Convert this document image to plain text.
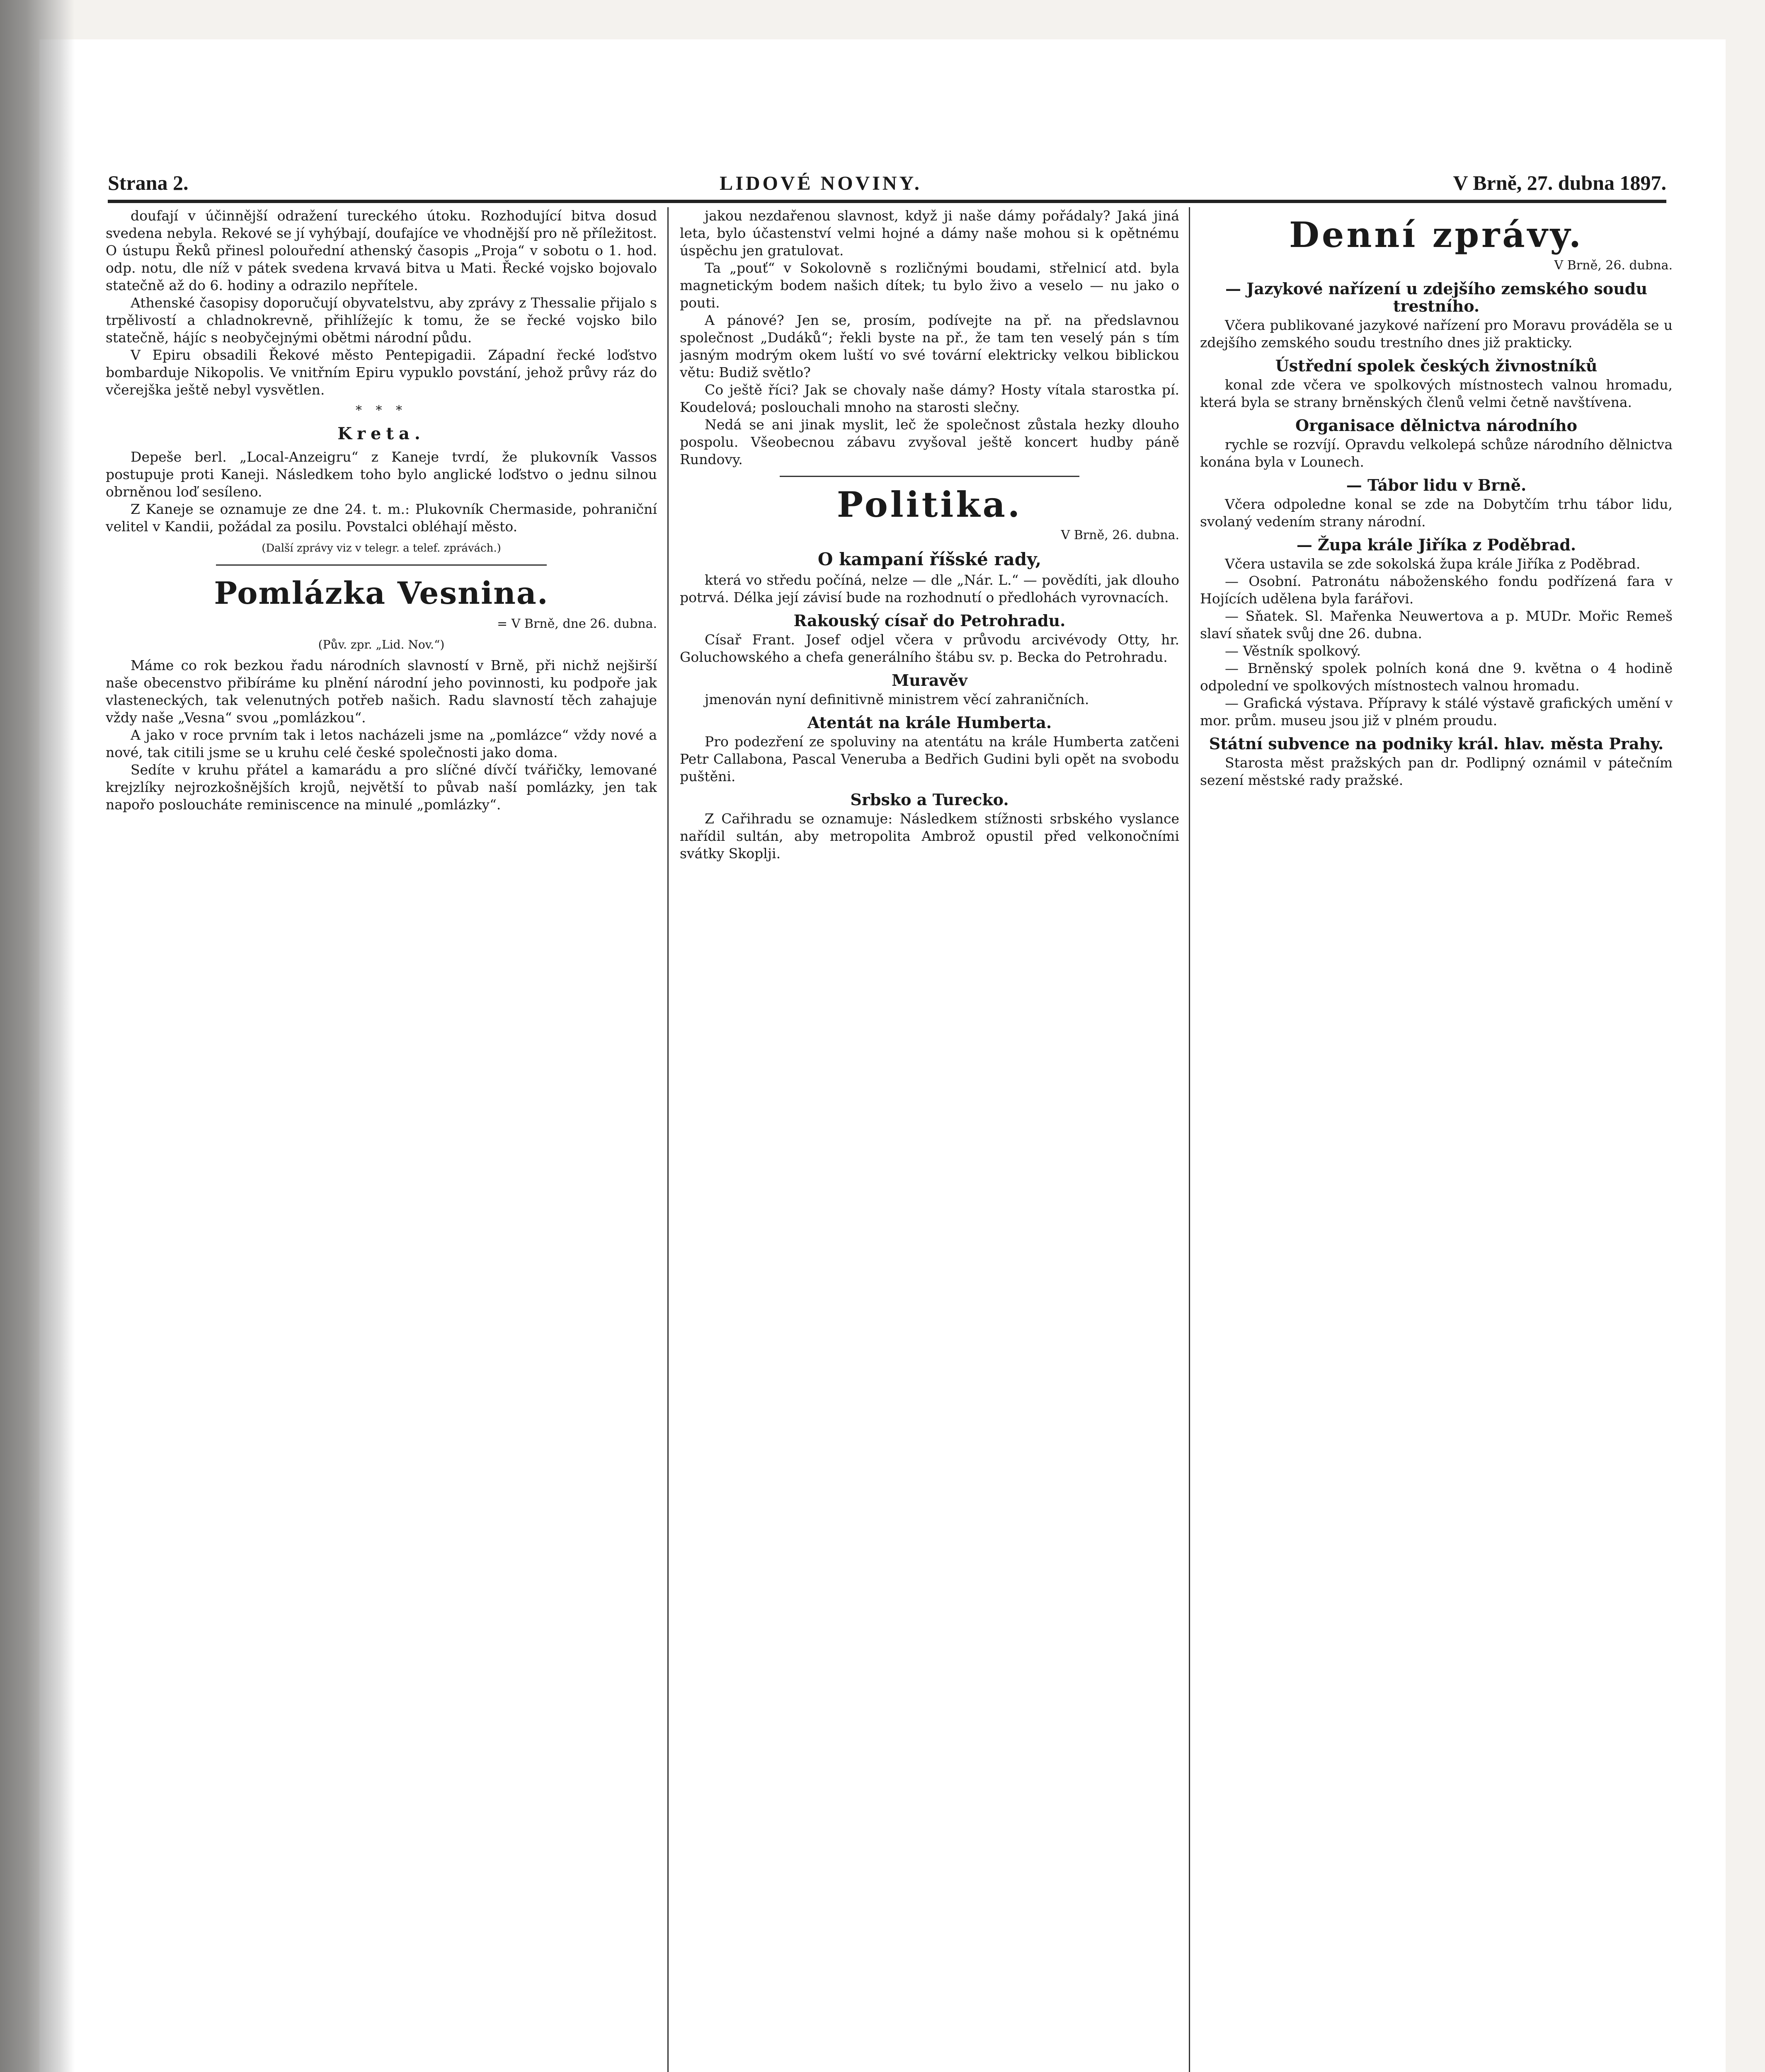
Strana 2.	LIDOVÉ NOVINY.	V Brně, 27. dubna 1897.

doufají v účinnější odražení tureckého útoku. Rozhodující bitva dosud svedena nebyla. Rekové se jí vyhýbají, doufajíce ve vhodnější pro ně příležitost. O ústupu Řeků přinesl polouřední athenský časopis „Proja“ v sobotu o 1. hod. odp. notu, dle níž v pátek svedena krvavá bitva u Mati. Řecké vojsko bojovalo statečně až do 6. hodiny a odrazilo nepřítele.

Athenské časopisy doporučují obyvatelstvu, aby zprávy z Thessalie přijalo s trpělivostí a chladnokrevně, přihlížejíc k tomu, že se řecké vojsko bilo statečně, hájíc s neobyčejnými obětmi národní půdu.

V Epiru obsadili Řekové město Pentepigadii. Západní řecké loďstvo bombarduje Nikopolis. Ve vnitřním Epiru vypuklo povstání, jehož průvy ráz do včerejška ještě nebyl vysvětlen.

* * *
Kreta.

Depeše berl. „Local-Anzeigru“ z Kaneje tvrdí, že plukovník Vassos postupuje proti Kaneji. Následkem toho bylo anglické loďstvo o jednu silnou obrněnou loď sesíleno.

Z Kaneje se oznamuje ze dne 24. t. m.: Plukovník Chermaside, pohraniční velitel v Kandii, požádal za posilu. Povstalci obléhají město.

(Další zprávy viz v telegr. a telef. zprávách.)
Pomlázka Vesnina.
= V Brně, dne 26. dubna.
(Pův. zpr. „Lid. Nov.“)

Máme co rok bezkou řadu národních slavností v Brně, při nichž nejširší naše obecenstvo přibíráme ku plnění národní jeho povinnosti, ku podpoře jak vlasteneckých, tak velenutných potřeb našich. Radu slavností těch zahajuje vždy naše „Vesna“ svou „pomlázkou“.

A jako v roce prvním tak i letos nacházeli jsme na „pomlázce“ vždy nové a nové, tak citili jsme se u kruhu celé české společnosti jako doma.

Sedíte v kruhu přátel a kamarádu a pro slíčné dívčí tvářičky, lemované krejzlíky nejrozkošnějších krojů, největší to půvab naší pomlázky, jen tak napořo posloucháte reminiscence na minulé „pomlázky“.

jakou nezdařenou slavnost, když ji naše dámy pořádaly? Jaká jiná leta, bylo účastenství velmi hojné a dámy naše mohou si k opětnému úspěchu jen gratulovat.

Ta „pouť“ v Sokolovně s rozličnými boudami, střelnicí atd. byla magnetickým bodem našich dítek; tu bylo živo a veselo — nu jako o pouti.

A pánové? Jen se, prosím, podívejte na př. na předslavnou společnost „Dudáků“; řekli byste na př., že tam ten veselý pán s tím jasným modrým okem luští vo své tovární elektricky velkou biblickou větu: Budiž světlo?

Co ještě říci? Jak se chovaly naše dámy? Hosty vítala starostka pí. Koudelová; poslouchali mnoho na starosti slečny.

Nedá se ani jinak myslit, leč že společnost zůstala hezky dlouho pospolu. Všeobecnou zábavu zvyšoval ještě koncert hudby páně Rundovy.

Politika.
V Brně, 26. dubna.
O kampaní říšské rady,

která vo středu počíná, nelze — dle „Nár. L.“ — povědíti, jak dlouho potrvá. Délka její závisí bude na rozhodnutí o předlohách vyrovnacích.

Rakouský císař do Petrohradu.

Císař Frant. Josef odjel včera v průvodu arcivévody Otty, hr. Goluchowského a chefa generálního štábu sv. p. Becka do Petrohradu.

Muravěv

jmenován nyní definitivně ministrem věcí zahraničních.

Atentát na krále Humberta.

Pro podezření ze spoluviny na atentátu na krále Humberta zatčeni Petr Callabona, Pascal Veneruba a Bedřich Gudini byli opět na svobodu puštěni.

Srbsko a Turecko.

Z Cařihradu se oznamuje: Následkem stížnosti srbského vyslance nařídil sultán, aby metropolita Ambrož opustil před velkonočními svátky Skoplji.

Denní zprávy.
V Brně, 26. dubna.
— Jazykové nařízení u zdejšího zemského soudu trestního.

Včera publikované jazykové nařízení pro Moravu prováděla se u zdejšího zemského soudu trestního dnes již prakticky.

Ústřední spolek českých živnostníků

konal zde včera ve spolkových místnostech valnou hromadu, která byla se strany brněnských členů velmi četně navštívena.

Organisace dělnictva národního

rychle se rozvíjí. Opravdu velkolepá schůze národního dělnictva konána byla v Lounech.

— Tábor lidu v Brně.

Včera odpoledne konal se zde na Dobytčím trhu tábor lidu, svolaný vedením strany národní.

— Župa krále Jiříka z Poděbrad.

Včera ustavila se zde sokolská župa krále Jiříka z Poděbrad.

— Osobní. Patronátu náboženského fondu podřízená fara v Hojících udělena byla farářovi.

— Sňatek. Sl. Mařenka Neuwertova a p. MUDr. Mořic Remeš slaví sňatek svůj dne 26. dubna.

— Věstník spolkový.

— Brněnský spolek polních koná dne 9. května o 4 hodině odpolední ve spolkových místnostech valnou hromadu.

— Grafická výstava. Přípravy k stálé výstavě grafických umění v mor. prům. museu jsou již v plném proudu.

Státní subvence na podniky král. hlav. města Prahy.

Starosta měst pražských pan dr. Podlipný oznámil v pátečním sezení městské rady pražské.
